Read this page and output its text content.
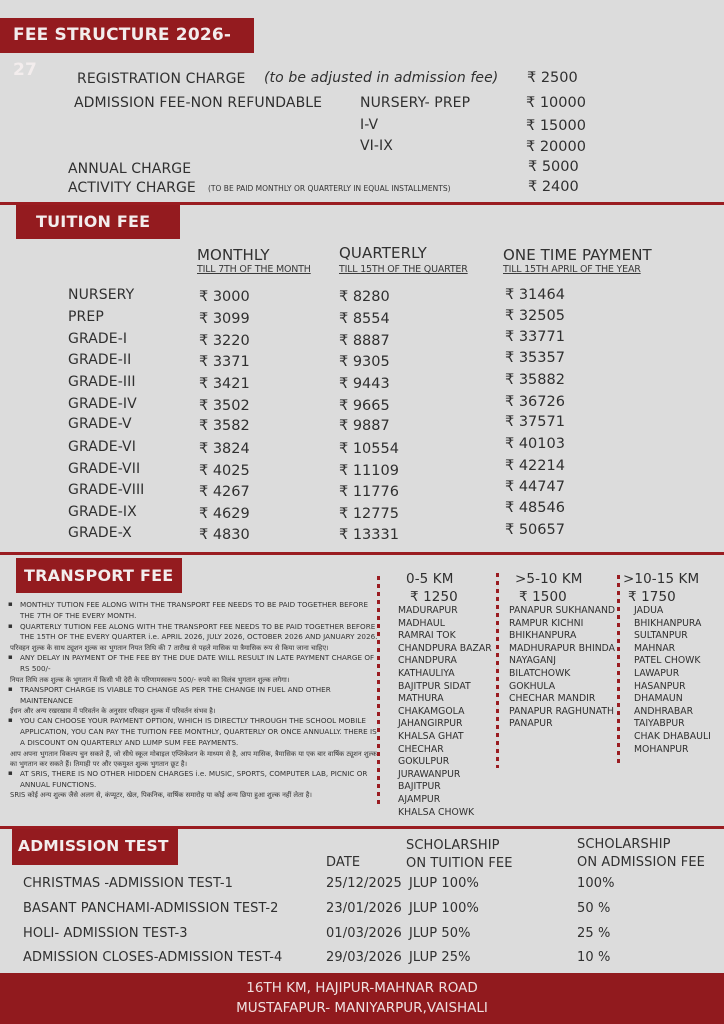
FEE STRUCTURE 2026-27	REGISTRATION CHARGE (to be adjusted in admission fee) ₹ 2500
ADMISSION FEE-NON REFUNDABLE	NURSERY- PREP	₹ 10000
I-V	₹ 15000
VI-IX	₹ 20000
ANNUAL CHARGE	₹ 5000
ACTIVITY CHARGE (TO BE PAID MONTHLY OR QUARTERLY IN EQUAL INSTALLMENTS)	₹ 2400
TUITION FEE
MONTHLY
TILL 7TH OF THE MONTH
QUARTERLY
TILL 15TH OF THE QUARTER
ONE TIME PAYMENT
TILL 15TH APRIL OF THE YEAR
NURSERY	₹ 3000	₹ 8280	₹ 31464
PREP	₹ 3099	₹ 8554	₹ 32505
GRADE-I	₹ 3220	₹ 8887	₹ 33771
GRADE-II	₹ 3371	₹ 9305	₹ 35357
GRADE-III	₹ 3421	₹ 9443	₹ 35882
GRADE-IV	₹ 3502	₹ 9665	₹ 36726
GRADE-V	₹ 3582	₹ 9887	₹ 37571
GRADE-VI	₹ 3824	₹ 10554	₹ 40103
GRADE-VII	₹ 4025	₹ 11109	₹ 42214
GRADE-VIII	₹ 4267	₹ 11776	₹ 44747
GRADE-IX	₹ 4629	₹ 12775	₹ 48546
GRADE-X	₹ 4830	₹ 13331	₹ 50657
TRANSPORT FEE
▪ MONTHLY TUTION FEE ALONG WITH THE TRANSPORT FEE NEEDS TO BE PAID TOGETHER BEFORE THE 7TH OF THE EVERY MONTH.
▪ QUARTERLY TUTION FEE ALONG WITH THE TRANSPORT FEE NEEDS TO BE PAID TOGETHER BEFORE THE 15TH OF THE EVERY QUARTER i.e. APRIL 2026, JULY 2026, OCTOBER 2026 AND JANUARY 2026.
परिवहन शुल्क के साथ ट्यूशन शुल्क का भुगतान नियत तिथि की 7 तारीख से पहले मासिक या त्रैमासिक रूप से किया जाना चाहिए।
▪ ANY DELAY IN PAYMENT OF THE FEE BY THE DUE DATE WILL RESULT IN LATE PAYMENT CHARGE OF RS 500/-
नियत तिथि तक शुल्क के भुगतान में किसी भी देरी के परिणामस्वरूप 500/- रुपये का विलंब भुगतान शुल्क लगेगा।
▪ TRANSPORT CHARGE IS VIABLE TO CHANGE AS PER THE CHANGE IN FUEL AND OTHER MAINTENANCE
ईंधन और अन्य रखरखाव में परिवर्तन के अनुसार परिवहन शुल्क में परिवर्तन संभव है।
▪ YOU CAN CHOOSE YOUR PAYMENT OPTION, WHICH IS DIRECTLY THROUGH THE SCHOOL MOBILE APPLICATION, YOU CAN PAY THE TUITION FEE MONTHLY, QUARTERLY OR ONCE ANNUALLY. THERE IS A DISCOUNT ON QUARTERLY AND LUMP SUM FEE PAYMENTS.
आप अपना भुगतान विकल्प चुन सकते हैं, जो सीधे स्कूल मोबाइल एप्लिकेशन के माध्यम से है, आप मासिक, त्रैमासिक या एक बार वार्षिक ट्यूशन शुल्क का भुगतान कर सकते हैं। तिमाही पर और एकमुश्त शुल्क भुगतान छूट है।
▪ AT SRIS, THERE IS NO OTHER HIDDEN CHARGES i.e. MUSIC, SPORTS, COMPUTER LAB, PICNIC OR ANNUAL FUNCTIONS.
SRIS कोई अन्य शुल्क जैसे अलग से, कंप्यूटर, खेल, पिकनिक, वार्षिक समारोह या कोई अन्य छिपा हुआ शुल्क नहीं लेता है।
0-5 KM
₹ 1250
MADURAPUR
MADHAUL
RAMRAI TOK
CHANDPURA BAZAR
CHANDPURA
KATHAULIYA
BAJITPUR SIDAT
MATHURA
CHAKAMGOLA
JAHANGIRPUR
KHALSA GHAT
CHECHAR
GOKULPUR
JURAWANPUR
BAJITPUR
AJAMPUR
KHALSA CHOWK
>5-10 KM
₹ 1500
PANAPUR SUKHANAND
RAMPUR KICHNI
BHIKHANPURA
MADHURAPUR BHINDA
NAYAGANJ
BILATCHOWK
GOKHULA
CHECHAR MANDIR
PANAPUR RAGHUNATH
PANAPUR
>10-15 KM
₹ 1750
JADUA
BHIKHANPURA
SULTANPUR
MAHNAR
PATEL CHOWK
LAWAPUR
HASANPUR
DHAMAUN
ANDHRABAR
TAIYABPUR
CHAK DHABAULI
MOHANPUR
ADMISSION TEST
DATE
SCHOLARSHIP
ON TUITION FEE
SCHOLARSHIP
ON ADMISSION FEE
CHRISTMAS -ADMISSION TEST-1	25/12/2025 JLUP 100%	100%
BASANT PANCHAMI-ADMISSION TEST-2	23/01/2026 JLUP 100%	50 %
HOLI- ADMISSION TEST-3	01/03/2026 JLUP 50%	25 %
ADMISSION CLOSES-ADMISSION TEST-4	29/03/2026 JLUP 25%	10 %
16TH KM, HAJIPUR-MAHNAR ROAD
MUSTAFAPUR- MANIYARPUR,VAISHALI
